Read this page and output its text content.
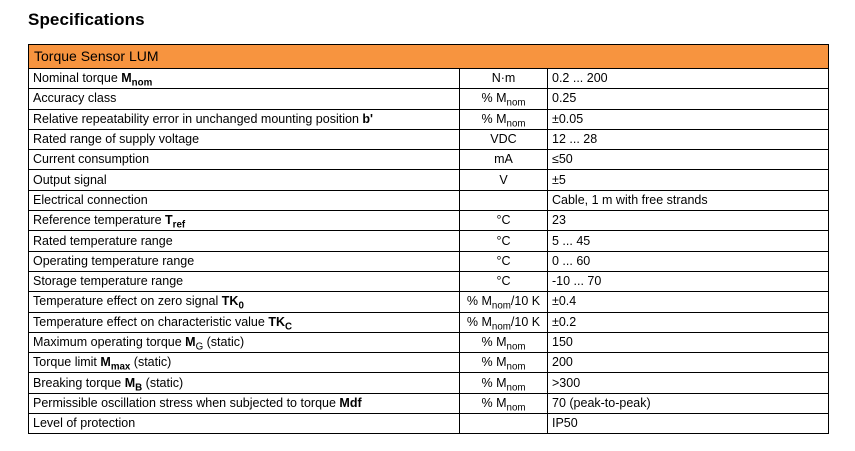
Specifications
Torque Sensor LUM		
Nominal torque $M_{nom}$	N·m	0.2 ... 200
Accuracy class	% $M_{nom}$	0.25
Relative repeatability error in unchanged mounting position b'	% $M_{nom}$	±0.05
Rated range of supply voltage	VDC	12 ... 28
Current consumption	mA	≤50
Output signal	V	±5
Electrical connection		Cable, 1 m with free strands
Reference temperature $T_{ref}$	°C	23
Rated temperature range	°C	5 ... 45
Operating temperature range	°C	0 ... 60
Storage temperature range	°C	-10 ... 70
Temperature effect on zero signal $TK_0$	% $M_{nom}/10$ K	±0.4
Temperature effect on characteristic value $TK_C$	% $M_{nom}/10$ K	±0.2
Maximum operating torque $M_G$ (static)	% $M_{nom}$	150
Torque limit $M_{max}$ (static)	% $M_{nom}$	200
Breaking torque $M_B$ (static)	% $M_{nom}$	>300
Permissible oscillation stress when subjected to torque Mdf	% $M_{nom}$	70 (peak-to-peak)
Level of protection		IP50
